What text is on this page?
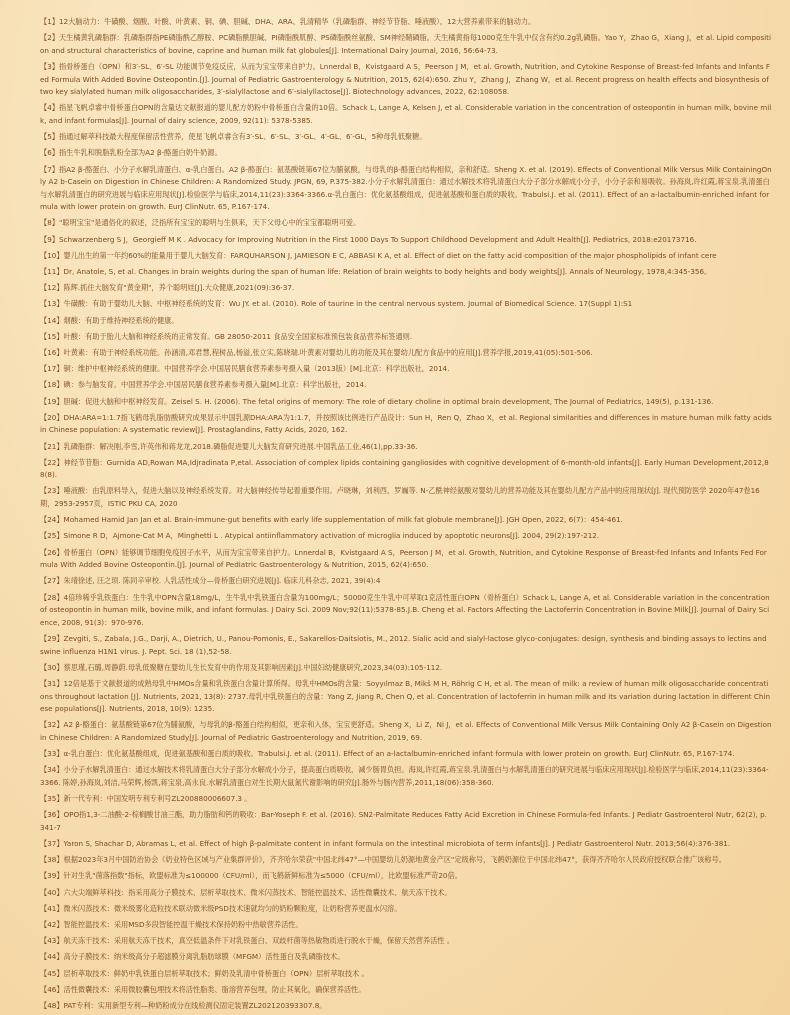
【1】12大脑动力：牛磺酸、烟酸、叶酸、叶黄素、铜、碘、胆碱、DHA、ARA、乳清精华（乳磷脂群、神经节苷脂、唾液酸），12大营养素带来的脑动力。

【2】天生橘黄乳磷脂群：乳磷脂群指PE磷脂酰乙醇胺、PC磷脂酰胆碱、PI磷脂酰肌醇、PS磷脂酰丝氨酸、SM神经鞘磷脂。天生橘黄指每1000克生牛乳中仅含有约0.2g乳磷脂。Yao Y，Zhao G，Xiang J，et al. Lipid composition and structural characteristics of bovine, caprine and human milk fat globules[J]. International Dairy Journal, 2016, 56:64-73.

【3】指骨桥蛋白（OPN）和3′-SL、6′-SL 功能调节免疫反应，从而为宝宝带来自护力。Lnnerdal B，Kvistgaard A S，Peerson J M，et al. Growth, Nutrition, and Cytokine Response of Breast-fed Infants and Infants Fed Formula With Added Bovine Osteopontin.[J]. Journal of Pediatric Gastroenterology & Nutrition, 2015, 62(4):650. Zhu Y，Zhang J，Zhang W，et al. Recent progress on health effects and biosynthesis of two key sialylated human milk oligosaccharides, 3′-sialyllactose and 6′-sialyllactose[J]. Biotechnology advances, 2022, 62:108058.

【4】指星飞帆卓睿中骨桥蛋白OPN的含量达文献报道的婴儿配方奶粉中骨桥蛋白含量的10倍。Schack L, Lange A, Kelsen J, et al. Considerable variation in the concentration of osteopontin in human milk, bovine milk, and infant formulas[J]. Journal of dairy science, 2009, 92(11): 5378-5385.

【5】指通过解萃科技最大程度保留活性营养，使星飞帆卓睿含有3′-SL、6′-SL、3′-GL、4′-GL、6′-GL，5种母乳低聚糖。

【6】指生牛乳和脱脂乳粉全部为A2 β-酪蛋白奶牛奶源。

【7】指A2 β-酪蛋白、小分子水解乳清蛋白、α-乳白蛋白。A2 β-酪蛋白：氨基酸链第67位为脯氨酸，与母乳的β-酪蛋白结构相似，亲和舒适。Sheng X. et al. (2019). Effects of Conventional Milk Versus Milk ContainingOnly A2 b-Casein on Digestion in Chinese Children: A Randomized Study. JPGN, 69, P.375-382.小分子水解乳清蛋白：通过水解技术将乳清蛋白大分子部分水解成小分子，小分子亲和易吸收。孙海岚,许红霞,蒋宝泉.乳清蛋白与水解乳清蛋白的研究进展与临床应用现状[J].检验医学与临床,2014,11(23):3364-3366.α-乳白蛋白：优化氨基酸组成，促进氨基酸和蛋白质的吸收。Trabulsi.J. et al. (2011). Effect of an a-lactalbumin-enriched infant formula with lower protein on growth. EurJ ClinNutr. 65, P.167-174.

【8】"聪明宝宝"是通俗化的叙述，泛指所有宝宝的聪明与生俱来，天下父母心中的宝宝都聪明可爱。

【9】Schwarzenberg S J，Georgieff M K . Advocacy for Improving Nutrition in the First 1000 Days To Support Childhood Development and Adult Health[J]. Pediatrics, 2018:e20173716.

【10】婴儿出生的第一年约60%的能量用于婴儿大脑发育：FARQUHARSON J, JAMIESON E C, ABBASI K A, et al. Effect of diet on the fatty acid composition of the major phospholipids of infant cere

【11】Dr, Anatole, S, et al. Changes in brain weights during the span of human life: Relation of brain weights to body heights and body weights[J]. Annals of Neurology, 1978,4:345-356。

【12】陈辉.抓住大脑发育"黄金期"，养个聪明娃[J].大众健康,2021(09):36-37.

【13】牛磺酸：有助于婴幼儿大脑、中枢神经系统的发育：Wu JY. et al. (2010). Role of taurine in the central nervous system. Journal of Biomedical Science. 17(Suppl 1):S1

【14】烟酸：有助于维持神经系统的健康。

【15】叶酸：有助于胎儿大脑和神经系统的正常发育。GB 28050-2011 食品安全国家标准预包装食品营养标签通则.

【16】叶黄素：有助于神经系统功能。孙涵清,邓君慧,程树品,杨溢,张立实,陈晓瑞.叶黄素对婴幼儿的功能及其在婴幼儿配方食品中的应用[J].营养学报,2019,41(05):501-506.

【17】铜：维护中枢神经系统的健康。中国营养学会.中国居民膳食营养素参考摄入量（2013版）[M].北京：科学出版社，2014.

【18】碘：参与脑发育。中国营养学会.中国居民膳食营养素参考摄入量[M].北京：科学出版社，2014.

【19】胆碱：促进大脑和中枢神经发育。Zeisel S. H. (2006). The fetal origins of memory: The role of dietary choline in optimal brain development, The Journal of Pediatrics, 149(5), p.131-136.

【20】DHA:ARA=1:1.7指飞鹤母乳脂肪酸研究成果显示中国乳源DHA:ARA为1:1.7，并按照该比例进行产品设计：Sun H，Ren Q，Zhao X，et al. Regional similarities and differences in mature human milk fatty acids in Chinese population: A systematic review[J]. Prostaglandins, Fatty Acids, 2020, 162.

【21】乳磷脂群：解决刚,李雪,许英伟和蒋龙龙,2018.磷脂促进婴儿大脑发育研究进展.中国乳品工业,46(1),pp.33-36.

【22】神经节苷脂：Gurnida AD,Rowan MA,Idjradinata P,etal. Association of complex lipids containing gangliosides with cognitive development of 6-month-old infants[J]. Early Human Development,2012,88(8).

【23】唾液酸：由乳原料导入，促进大脑以及神经系统发育。对大脑神经传导起着重要作用。卢晓琳，刘利西，罗巍等. N-乙酰神经氨酸对婴幼儿的营养功能及其在婴幼儿配方产品中的应用现状[J]. 现代预防医学 2020年47卷16期，2953-2957页，ISTIC PKU CA, 2020

【24】Mohamed Hamid Jan Jan et al. Brain-immune-gut benefits with early life supplementation of milk fat globule membrane[J]. JGH Open, 2022, 6(7)：454-461.

【25】Simone R D，Ajmone-Cat M A，Minghetti L . Atypical antiinflammatory activation of microglia induced by apoptotic neurons[J]. 2004, 29(2):197-212.

【26】骨桥蛋白（OPN）能够调节细胞免疫因子水平，从而为宝宝带来自护力。Lnnerdal B，Kvistgaard A S，Peerson J M，et al. Growth, Nutrition, and Cytokine Response of Breast-fed Infants and Infants Fed Formula With Added Bovine Osteopontin.[J]. Journal of Pediatric Gastroenterology & Nutrition, 2015, 62(4):650.

【27】朱靖徐述, 汪之顼. 陈同辛审校. 人乳活性成分—骨桥蛋白研究进展[J]. 临床儿科杂志, 2021, 39(4):4

【28】4倍珍稀乎乳铁蛋白：生牛乳中OPN含量18mg/L，生牛乳中乳铁蛋白含量为100mg/L；50000克生牛乳中可萃取1克活性蛋白OPN（骨桥蛋白）Schack L, Lange A, et al. Considerable variation in the concentration of osteopontin in human milk, bovine milk, and infant formulas. J Dairy Sci. 2009 Nov;92(11):5378-85.J.B. Cheng et al. Factors Affecting the Lactoferrin Concentration in Bovine Milk[J]. Journal of Dairy Science, 2008, 91(3)：970-976.

【29】Zevgiti, S., Zabala, J.G., Darji, A., Dietrich, U., Panou-Pomonis, E., Sakarellos-Daitsiotis, M., 2012. Sialic acid and sialyl-lactose glyco-conjugates: design, synthesis and binding assays to lectins and swine influenza H1N1 virus. J. Pept. Sci. 18 (1),52-58.

【30】蔡思瑾,石璐,周静蔚.母乳低聚糖在婴幼儿生长发育中的作用及其影响因素[J].中国妇幼健康研究,2023,34(03):105-112.

【31】12倍是基于文献报道的成熟母乳中HMOs含量和乳铁蛋白含量计算所得。母乳中HMOs的含量：Soyyılmaz B, Mikš M H, Röhrig C H, et al. The mean of milk: a review of human milk oligosaccharide concentrations throughout lactation [J]. Nutrients, 2021, 13(8): 2737.母乳中乳铁蛋白的含量：Yang Z, Jiang R, Chen Q, et al. Concentration of lactoferrin in human milk and its variation during lactation in different Chinese populations[J]. Nutrients, 2018, 10(9): 1235.

【32】A2 β-酪蛋白：氨基酸链第67位为脯氨酸，与母乳的β-酪蛋白结构相似，更亲和入体，宝宝更舒适。Sheng X，Li Z，Ni J，et al. Effects of Conventional Milk Versus Milk Containing Only A2 β-Casein on Digestion in Chinese Children: A Randomized Study[J]. Journal of Pediatric Gastroenterology and Nutrition, 2019, 69.

【33】α-乳白蛋白：优化氨基酸组成，促进氨基酸和蛋白质的吸收。Trabulsi.J. et al. (2011). Effect of an a-lactalbumin-enriched infant formula with lower protein on growth. EurJ ClinNutr. 65, P.167-174.

【34】小分子水解乳清蛋白：通过水解技术将乳清蛋白大分子部分水解成小分子，提高蛋白质吸收，减少肠胃负担。海岚,许红霞,蒋宝泉.乳清蛋白与水解乳清蛋白的研究进展与临床应用现状[J].检验医学与临床,2014,11(23):3364-3366. 陈婷,孙海岚,刘洁,马荣辉,杨凯,蒋宝泉,高永良.水解乳清蛋白对生长期大鼠氮代谢影响的研究[J].肠外与肠内营养,2011,18(06):358-360.

【35】新一代专利：中国发明专利专利号ZL200880006607.3 。

【36】OPO指1,3-二油酸-2-棕榈酸甘油三酯，助力脂肪和钙的吸收：Bar-Yoseph F. et al. (2016). SN2-Palmitate Reduces Fatty Acid Excretion in Chinese Formula-fed Infants. J Pediatr Gastroenterol Nutr, 62(2), p. 341-7

【37】Yaron S, Shachar D, Abramas L, et al. Effect of high β-palmitate content in infant formula on the intestinal microbiota of term infants[J]. J Pediatr Gastroenterol Nutr. 2013;56(4):376-381.

【38】根据2023年3月中国防治协会《奶业特色区域与产业集群评价》，齐齐哈尔荣获"中国北纬47°—中国婴幼儿奶源地黄金产区"定级称号，飞鹤奶源位于中国北纬47°，获得齐齐哈尔人民政府授权联合推广该称号。

【39】针对生乳"菌落指数"指标，欧盟标准为≤100000（CFU/ml），而飞鹤新鲜标准为≤5000（CFU/ml），比欧盟标准严苛20倍。

【40】六大尖端鲜萃科技：指采用高分子膜技术、层析萃取技术、微米闪蒸技术、智能控温技术、活性微囊技术、航天冻干技术。

【41】微米闪蒸技术：微米级雾化造粒技术联动微米级PSD技术速就均匀的奶粉颗粒度，让奶粉营养更温水闪溶。

【42】智能控温技术：采用MSD多段智能控温干燥技术保持奶粉中热敏营养活性。

【43】航天冻干技术：采用航天冻干技术，真空低温条件下对乳铁蛋白、双歧杆菌等热敏物质进行脱水干燥，保留天然营养活性 。

【44】高分子膜技术：纳米级高分子超滤膜分离乳脂肪球膜（MFGM）活性蛋白及乳磷脂技术。

【45】层析萃取技术：鲜奶中乳铁蛋白层析萃取技术；鲜奶及乳清中骨桥蛋白（OPN）层析萃取技术 。

【46】活性微囊技术：采用微胶囊包埋技术将活性脂类、脂溶营养包埋，防止其氧化，确保营养活性。

【48】PAT专利：实用新型专利—种奶粉成分在线检测仪固定装置ZL202120393307.8。
